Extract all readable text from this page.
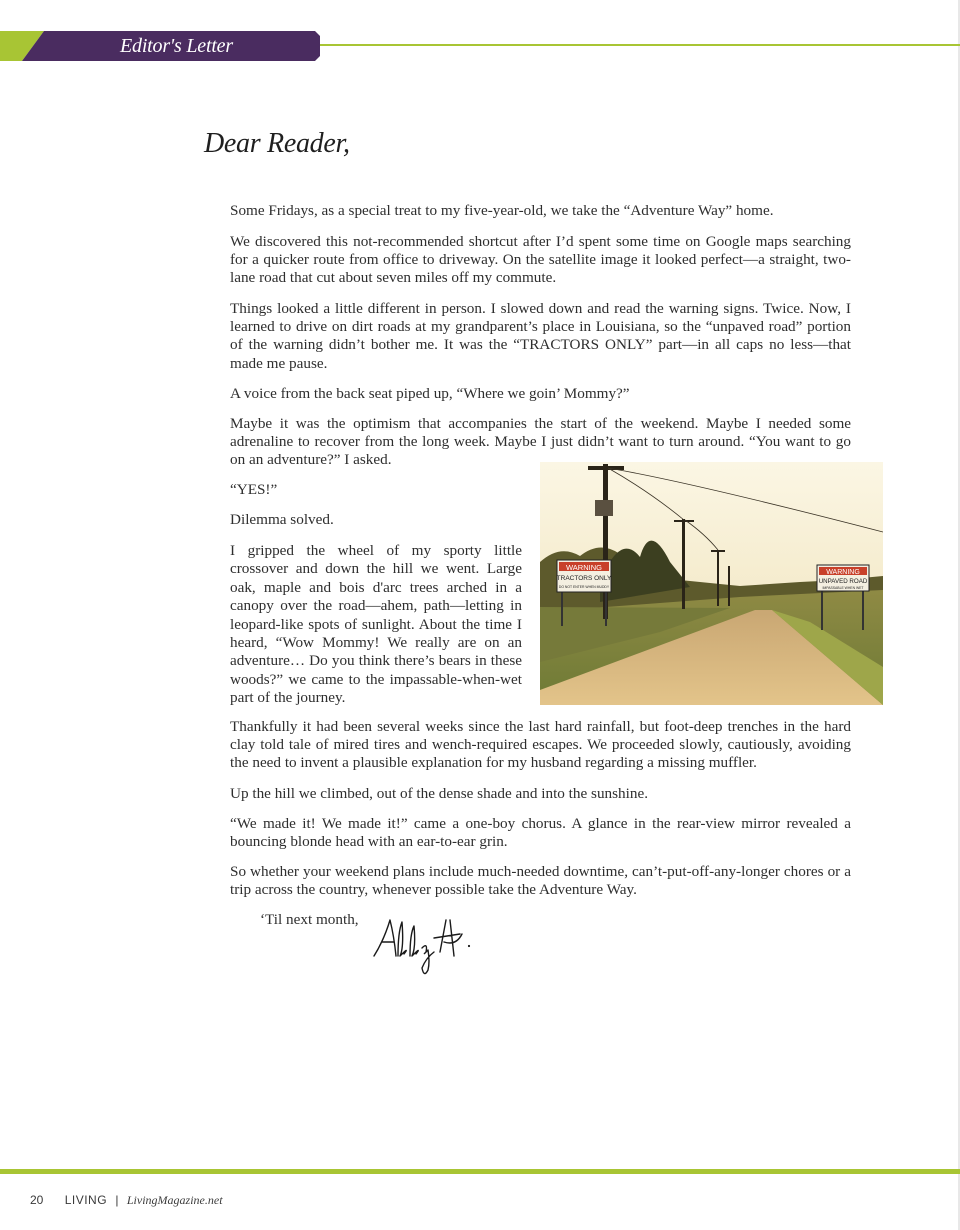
Editor's Letter
Dear Reader,

Some Fridays, as a special treat to my five-year-old, we take the “Adventure Way” home.

We discovered this not-recommended shortcut after I’d spent some time on Google maps searching for a quicker route from office to driveway. On the satellite image it looked perfect—a straight, two-lane road that cut about seven miles off my commute.

Things looked a little different in person. I slowed down and read the warning signs. Twice. Now, I learned to drive on dirt roads at my grandparent’s place in Louisiana, so the “unpaved road” portion of the warning didn’t bother me. It was the “TRACTORS ONLY” part—in all caps no less—that made me pause.

A voice from the back seat piped up, “Where we goin’ Mommy?”

Maybe it was the optimism that accompanies the start of the weekend. Maybe I needed some adrenaline to recover from the long week. Maybe I just didn’t want to turn around. “You want to go on an adventure?” I asked.

“YES!”

Dilemma solved.

I gripped the wheel of my sporty little crossover and down the hill we went. Large oak, maple and bois d'arc trees arched in a canopy over the road—ahem, path—letting in leopard-like spots of sunlight. About the time I heard, “Wow Mommy! We really are on an adventure… Do you think there’s bears in these woods?” we came to the impassable-when-wet part of the journey.

Thankfully it had been several weeks since the last hard rainfall, but foot-deep trenches in the hard clay told tale of mired tires and wench-required escapes. We proceeded slowly, cautiously, avoiding the need to invent a plausible explanation for my husband regarding a missing muffler.

Up the hill we climbed, out of the dense shade and into the sunshine.

“We made it! We made it!” came a one-boy chorus. A glance in the rear-view mirror revealed a bouncing blonde head with an ear-to-ear grin.

So whether your weekend plans include much-needed downtime, can’t-put-off-any-longer chores or a trip across the country, whenever possible take the Adventure Way.

WARNING
TRACTORS ONLY
DO NOT ENTER WHEN MUDDY
WARNING
UNPAVED ROAD
IMPASSABLE WHEN WET
‘Til next month,
20 LIVING | LivingMagazine.net
